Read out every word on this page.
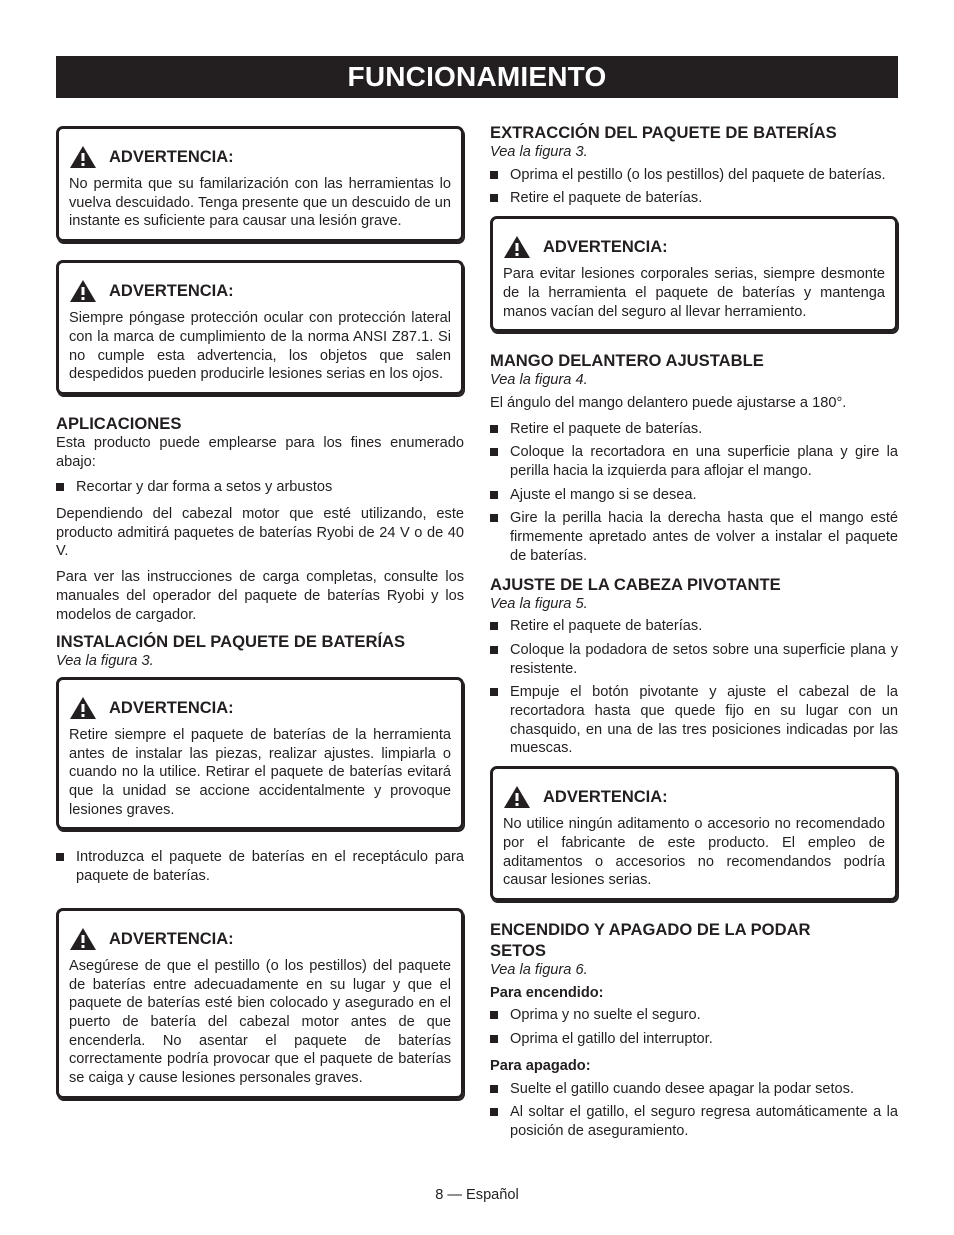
FUNCIONAMIENTO
ADVERTENCIA:
No permita que su familarización con las herramientas lo vuelva descuidado. Tenga presente que un descuido de un instante es suficiente para causar una lesión grave.
ADVERTENCIA:
Siempre póngase protección ocular con protección lateral con la marca de cumplimiento de la norma ANSI Z87.1. Si no cumple esta advertencia, los objetos que salen despedidos pueden producirle lesiones serias en los ojos.
APLICACIONES

Esta producto puede emplearse para los fines enumerado abajo:

Recortar y dar forma a setos y arbustos

Dependiendo del cabezal motor que esté utilizando, este producto admitirá paquetes de baterías Ryobi de 24 V o de 40 V.

Para ver las instrucciones de carga completas, consulte los manuales del operador del paquete de baterías Ryobi y los modelos de cargador.

INSTALACIÓN DEL PAQUETE DE BATERÍAS
Vea la figura 3.
ADVERTENCIA:
Retire siempre el paquete de baterías de la herramienta antes de instalar las piezas, realizar ajustes. limpiarla o cuando no la utilice. Retirar el paquete de baterías evitará que la unidad se accione accidentalmente y provoque lesiones graves.
Introduzca el paquete de baterías en el receptáculo para paquete de baterías.
ADVERTENCIA:
Asegúrese de que el pestillo (o los pestillos) del paquete de baterías entre adecuadamente en su lugar y que el paquete de baterías esté bien colocado y asegurado en el puerto de batería del cabezal motor antes de que encenderla. No asentar el paquete de baterías correctamente podría provocar que el paquete de baterías se caiga y cause lesiones personales graves.
EXTRACCIÓN DEL PAQUETE DE BATERÍAS
Vea la figura 3.
Oprima el pestillo (o los pestillos) del paquete de baterías.
Retire el paquete de baterías.
ADVERTENCIA:
Para evitar lesiones corporales serias, siempre desmonte de la herramienta el paquete de baterías y mantenga manos vacían del seguro al llevar herramiento.
MANGO DELANTERO AJUSTABLE
Vea la figura 4.

El ángulo del mango delantero puede ajustarse a 180°.

Retire el paquete de baterías.
Coloque la recortadora en una superficie plana y gire la perilla hacia la izquierda para aflojar el mango.
Ajuste el mango si se desea.
Gire la perilla hacia la derecha hasta que el mango esté firmemente apretado antes de volver a instalar el paquete de baterías.
AJUSTE DE LA CABEZA PIVOTANTE
Vea la figura 5.
Retire el paquete de baterías.
Coloque la podadora de setos sobre una superficie plana y resistente.
Empuje el botón pivotante y ajuste el cabezal de la recortadora hasta que quede fijo en su lugar con un chasquido, en una de las tres posiciones indicadas por las muescas.
ADVERTENCIA:
No utilice ningún aditamento o accesorio no recomendado por el fabricante de este producto. El empleo de aditamentos o accesorios no recomendandos podría causar lesiones serias.
ENCENDIDO Y APAGADO DE LA PODAR SETOS
Vea la figura 6.
Para encendido:
Oprima y no suelte el seguro.
Oprima el gatillo del interruptor.
Para apagado:
Suelte el gatillo cuando desee apagar la podar setos.
Al soltar el gatillo, el seguro regresa automáticamente a la posición de aseguramiento.
8 — Español
